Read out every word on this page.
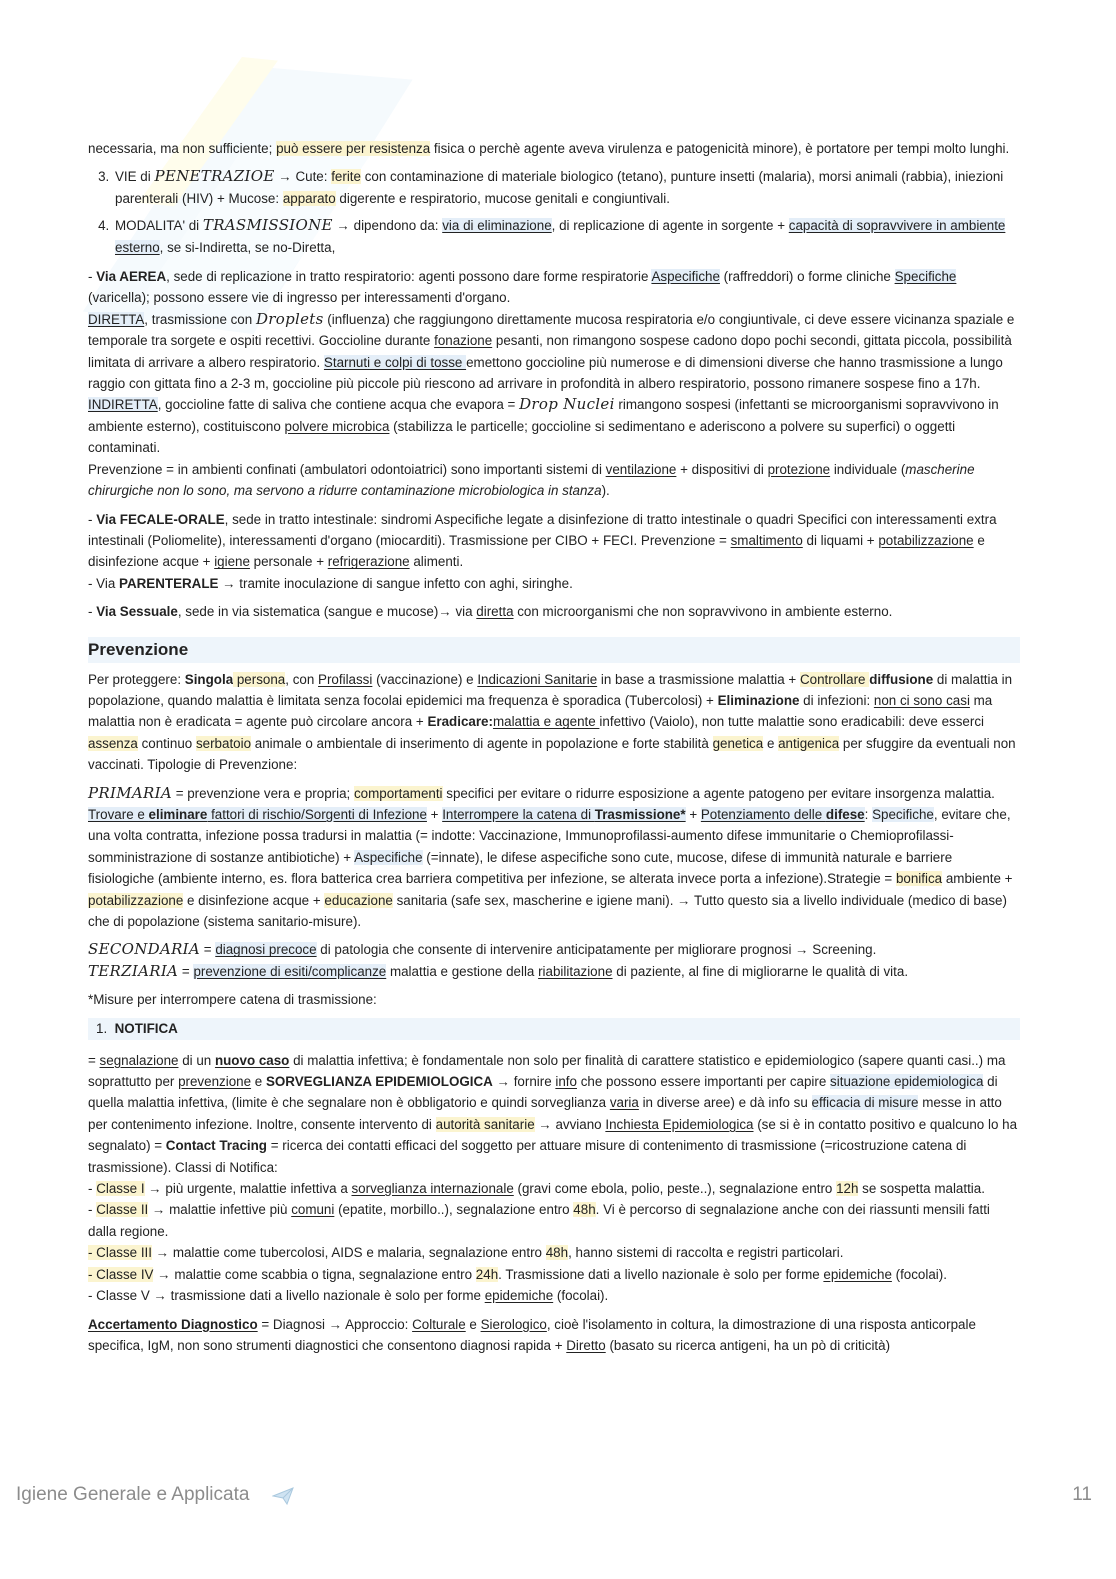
necessaria, ma non sufficiente; può essere per resistenza fisica o perchè agente aveva virulenza e patogenicità minore), è portatore per tempi molto lunghi.

3. VIE di PENETRAZIOE → Cute: ferite con contaminazione di materiale biologico (tetano), punture insetti (malaria), morsi animali (rabbia), iniezioni parenterali (HIV) + Mucose: apparato digerente e respiratorio, mucose genitali e congiuntivali.
4. MODALITA' di TRASMISSIONE → dipendono da: via di eliminazione, di replicazione di agente in sorgente + capacità di sopravvivere in ambiente esterno, se si-Indiretta, se no-Diretta,

- Via AEREA, sede di replicazione in tratto respiratorio: agenti possono dare forme respiratorie Aspecifiche (raffreddori) o forme cliniche Specifiche (varicella); possono essere vie di ingresso per interessamenti d'organo.
DIRETTA, trasmissione con Droplets (influenza) che raggiungono direttamente mucosa respiratoria e/o congiuntivale, ci deve essere vicinanza spaziale e temporale tra sorgete e ospiti recettivi. Goccioline durante fonazione pesanti, non rimangono sospese cadono dopo pochi secondi, gittata piccola, possibilità limitata di arrivare a albero respiratorio. Starnuti e colpi di tosse emettono goccioline più numerose e di dimensioni diverse che hanno trasmissione a lungo raggio con gittata fino a 2-3 m, goccioline più piccole più riescono ad arrivare in profondità in albero respiratorio, possono rimanere sospese fino a 17h.
INDIRETTA, goccioline fatte di saliva che contiene acqua che evapora = Drop Nuclei rimangono sospesi (infettanti se microorganismi sopravvivono in ambiente esterno), costituiscono polvere microbica (stabilizza le particelle; goccioline si sedimentano e aderiscono a polvere su superfici) o oggetti contaminati.
Prevenzione = in ambienti confinati (ambulatori odontoiatrici) sono importanti sistemi di ventilazione + dispositivi di protezione individuale (mascherine chirurgiche non lo sono, ma servono a ridurre contaminazione microbiologica in stanza).

- Via FECALE-ORALE, sede in tratto intestinale: sindromi Aspecifiche legate a disinfezione di tratto intestinale o quadri Specifici con interessamenti extra intestinali (Poliomelite), interessamenti d'organo (miocarditi). Trasmissione per CIBO + FECI. Prevenzione = smaltimento di liquami + potabilizzazione e disinfezione acque + igiene personale + refrigerazione alimenti.
- Via PARENTERALE → tramite inoculazione di sangue infetto con aghi, siringhe.

- Via Sessuale, sede in via sistematica (sangue e mucose)→ via diretta con microorganismi che non sopravvivono in ambiente esterno.

Prevenzione

Per proteggere: Singola persona, con Profilassi (vaccinazione) e Indicazioni Sanitarie in base a trasmissione malattia + Controllare diffusione di malattia in popolazione, quando malattia è limitata senza focolai epidemici ma frequenza è sporadica (Tubercolosi) + Eliminazione di infezioni: non ci sono casi ma malattia non è eradicata = agente può circolare ancora + Eradicare:malattia e agente infettivo (Vaiolo), non tutte malattie sono eradicabili: deve esserci assenza continuo serbatoio animale o ambientale di inserimento di agente in popolazione e forte stabilità genetica e antigenica per sfuggire da eventuali non vaccinati. Tipologie di Prevenzione:

PRIMARIA = prevenzione vera e propria; comportamenti specifici per evitare o ridurre esposizione a agente patogeno per evitare insorgenza malattia. Trovare e eliminare fattori di rischio/Sorgenti di Infezione + Interrompere la catena di Trasmissione* + Potenziamento delle difese: Specifiche, evitare che, una volta contratta, infezione possa tradursi in malattia (= indotte: Vaccinazione, Immunoprofilassi-aumento difese immunitarie o Chemioprofilassi-somministrazione di sostanze antibiotiche) + Aspecifiche (=innate), le difese aspecifiche sono cute, mucose, difese di immunità naturale e barriere fisiologiche (ambiente interno, es. flora batterica crea barriera competitiva per infezione, se alterata invece porta a infezione).Strategie = bonifica ambiente + potabilizzazione e disinfezione acque + educazione sanitaria (safe sex, mascherine e igiene mani). → Tutto questo sia a livello individuale (medico di base) che di popolazione (sistema sanitario-misure).

SECONDARIA = diagnosi precoce di patologia che consente di intervenire anticipatamente per migliorare prognosi → Screening.
TERZIARIA = prevenzione di esiti/complicanze malattia e gestione della riabilitazione di paziente, al fine di migliorarne le qualità di vita.

*Misure per interrompere catena di trasmissione:

1. NOTIFICA

= segnalazione di un nuovo caso di malattia infettiva; è fondamentale non solo per finalità di carattere statistico e epidemiologico (sapere quanti casi..) ma soprattutto per prevenzione e SORVEGLIANZA EPIDEMIOLOGICA → fornire info che possono essere importanti per capire situazione epidemiologica di quella malattia infettiva, (limite è che segnalare non è obbligatorio e quindi sorveglianza varia in diverse aree) e dà info su efficacia di misure messe in atto per contenimento infezione. Inoltre, consente intervento di autorità sanitarie → avviano Inchiesta Epidemiologica (se si è in contatto positivo e qualcuno lo ha segnalato) = Contact Tracing = ricerca dei contatti efficaci del soggetto per attuare misure di contenimento di trasmissione (=ricostruzione catena di trasmissione). Classi di Notifica:
- Classe I → più urgente, malattie infettiva a sorveglianza internazionale (gravi come ebola, polio, peste..), segnalazione entro 12h se sospetta malattia.
- Classe II → malattie infettive più comuni (epatite, morbillo..), segnalazione entro 48h. Vi è percorso di segnalazione anche con dei riassunti mensili fatti dalla regione.
- Classe III → malattie come tubercolosi, AIDS e malaria, segnalazione entro 48h, hanno sistemi di raccolta e registri particolari.
- Classe IV → malattie come scabbia o tigna, segnalazione entro 24h. Trasmissione dati a livello nazionale è solo per forme epidemiche (focolai).
- Classe V → trasmissione dati a livello nazionale è solo per forme epidemiche (focolai).

Accertamento Diagnostico = Diagnosi → Approccio: Colturale e Sierologico, cioè l'isolamento in coltura, la dimostrazione di una risposta anticorpale specifica, IgM, non sono strumenti diagnostici che consentono diagnosi rapida + Diretto (basato su ricerca antigeni, ha un pò di criticità)

Igiene Generale e Applicata	11
